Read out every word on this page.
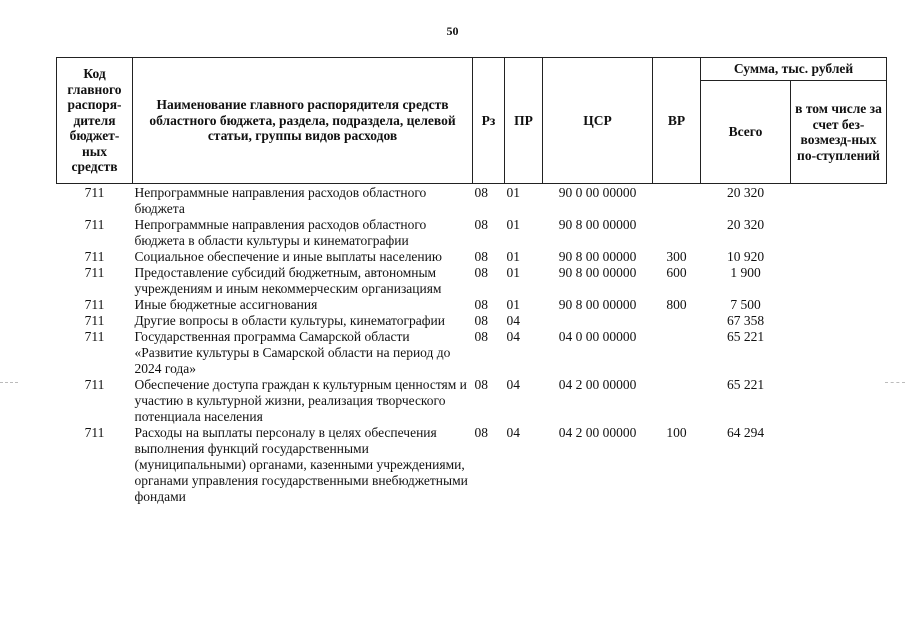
50
Код главного распоря-дителя бюджет-ных средств	Наименование главного распорядителя средств областного бюджета, раздела, подраздела, целевой статьи, группы видов расходов	Рз	ПР	ЦСР	ВР	Сумма, тыс. рублей	
						Всего	в том числе за счет без-возмезд-ных по-ступлений
711	Непрограммные направления расходов областного бюджета	08	01	90 0 00 00000		20 320	
711	Непрограммные направления расходов областного бюджета в области культуры и кинематографии	08	01	90 8 00 00000		20 320	
711	Социальное обеспечение и иные выплаты населению	08	01	90 8 00 00000	300	10 920	
711	Предоставление субсидий бюджетным, автономным учреждениям и иным некоммерческим организациям	08	01	90 8 00 00000	600	1 900	
711	Иные бюджетные ассигнования	08	01	90 8 00 00000	800	7 500	
711	Другие вопросы в области культуры, кинематографии	08	04			67 358	
711	Государственная программа Самарской области «Развитие культуры в Самарской области на период до 2024 года»	08	04	04 0 00 00000		65 221	
711	Обеспечение доступа граждан к культурным ценностям и участию в культурной жизни, реализация творческого потенциала населения	08	04	04 2 00 00000		65 221	
711	Расходы на выплаты персоналу в целях обеспечения выполнения функций государственными (муниципальными) органами, казенными учреждениями, органами управления государственными внебюджетными фондами	08	04	04 2 00 00000	100	64 294	
